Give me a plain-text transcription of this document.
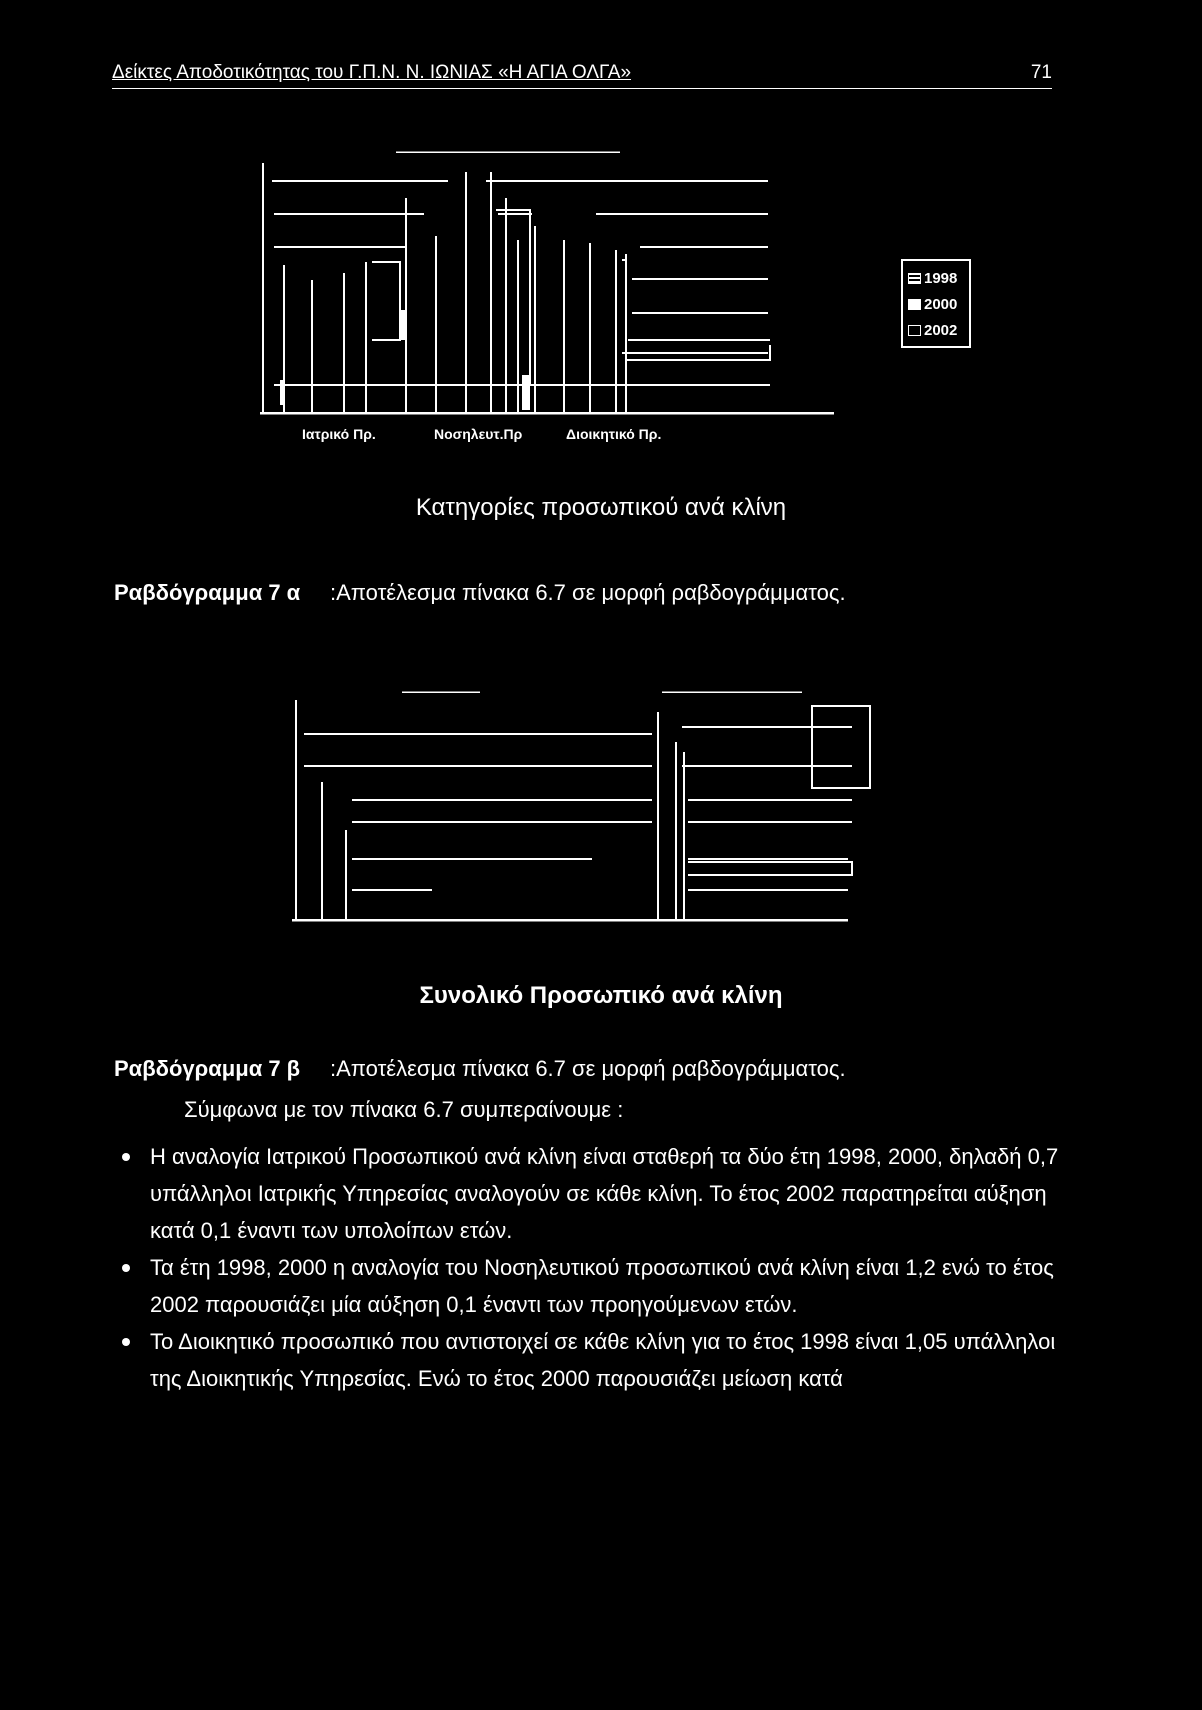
Δείκτες Αποδοτικότητας του Γ.Π.Ν. Ν. ΙΩΝΙΑΣ «Η ΑΓΙΑ ΟΛΓΑ»	71
1998
2000
2002
Ιατρικό Πρ.	Νοσηλευτ.Πρ	Διοικητικό Πρ.
Κατηγορίες προσωπικού ανά κλίνη
Ραβδόγραμμα 7 α :Αποτέλεσμα πίνακα 6.7 σε μορφή ραβδογράμματος.
Συνολικό Προσωπικό ανά κλίνη
Ραβδόγραμμα 7 β :Αποτέλεσμα πίνακα 6.7 σε μορφή ραβδογράμματος.
Σύμφωνα με τον πίνακα 6.7 συμπεραίνουμε :
Η αναλογία Ιατρικού Προσωπικού ανά κλίνη είναι σταθερή τα δύο έτη 1998, 2000, δηλαδή 0,7 υπάλληλοι Ιατρικής Υπηρεσίας αναλογούν σε κάθε κλίνη. Το έτος 2002 παρατηρείται αύξηση κατά 0,1 έναντι των υπολοίπων ετών.
Τα έτη 1998, 2000 η αναλογία του Νοσηλευτικού προσωπικού ανά κλίνη είναι 1,2 ενώ το έτος 2002 παρουσιάζει μία αύξηση 0,1 έναντι των προηγούμενων ετών.
Το Διοικητικό προσωπικό που αντιστοιχεί σε κάθε κλίνη για το έτος 1998 είναι 1,05 υπάλληλοι της Διοικητικής Υπηρεσίας. Ενώ το έτος 2000 παρουσιάζει μείωση κατά
